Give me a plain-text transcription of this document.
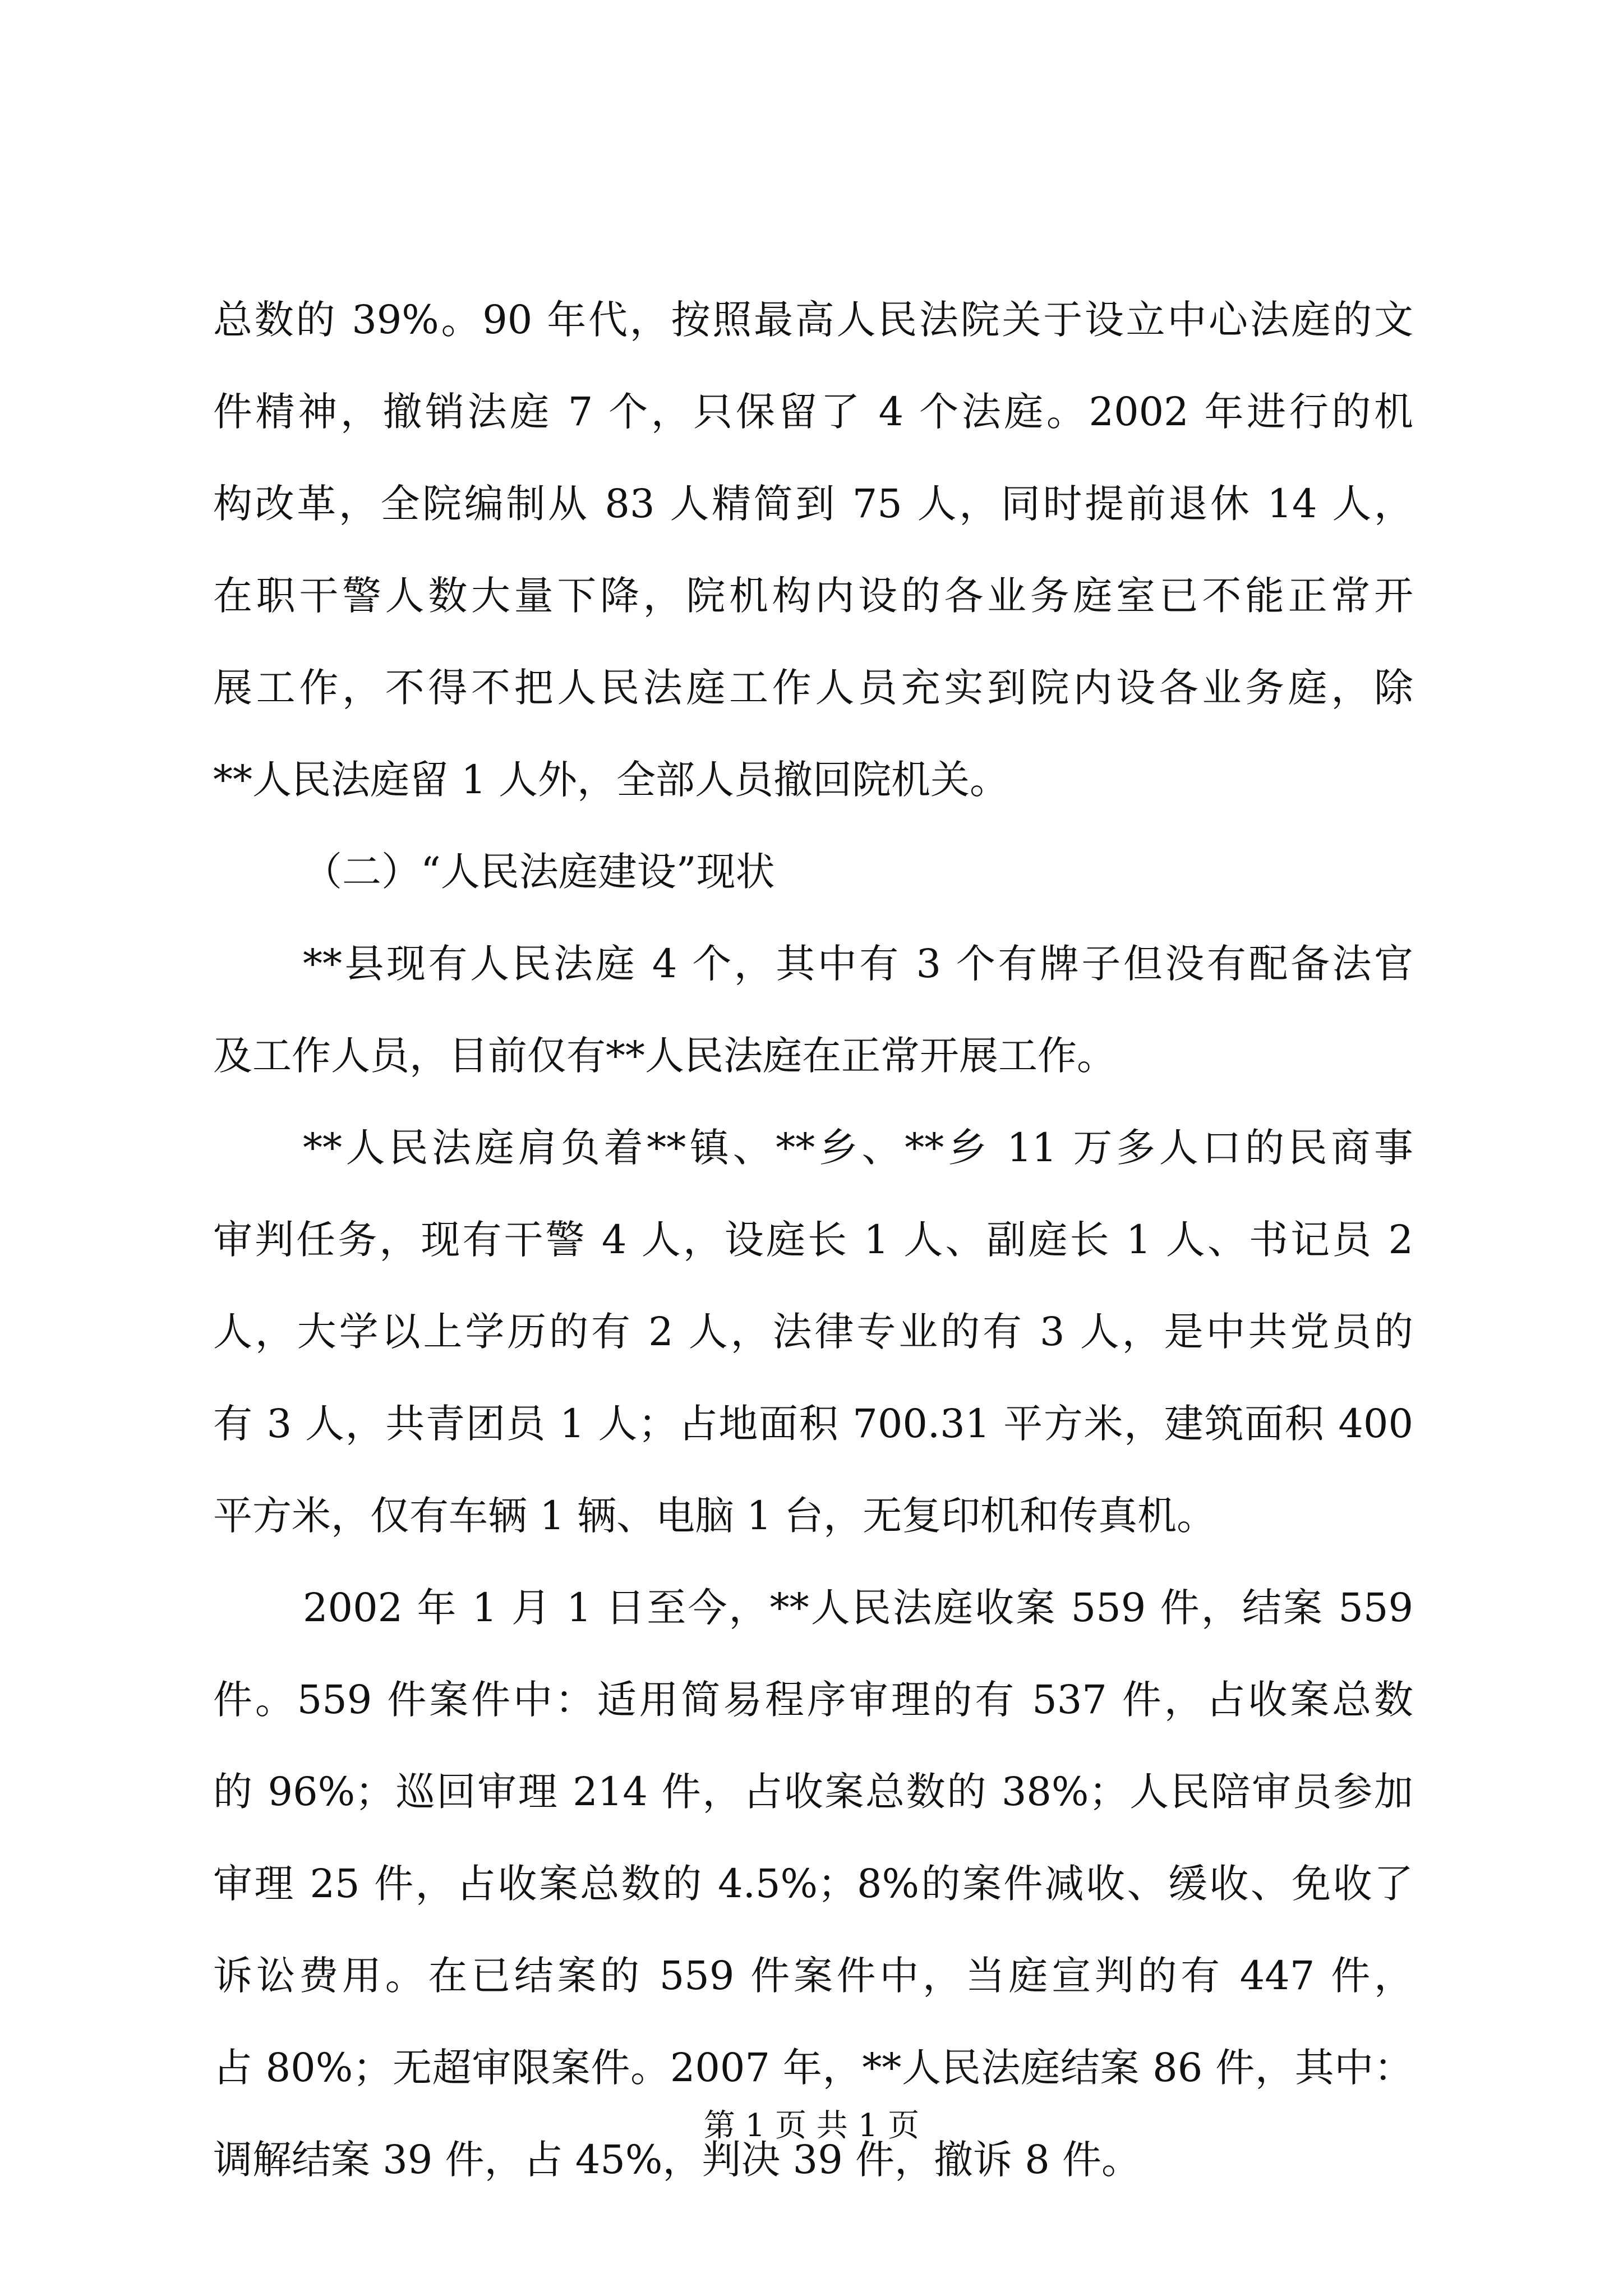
总数的 39%。90 年代，按照最高人民法院关于设立中心法庭的文
件精神，撤销法庭 7 个，只保留了 4 个法庭。2002 年进行的机
构改革，全院编制从 83 人精简到 75 人，同时提前退休 14 人，
在职干警人数大量下降，院机构内设的各业务庭室已不能正常开
展工作，不得不把人民法庭工作人员充实到院内设各业务庭，除
**人民法庭留 1 人外，全部人员撤回院机关。
（二）“人民法庭建设”现状
**县现有人民法庭 4 个，其中有 3 个有牌子但没有配备法官
及工作人员，目前仅有**人民法庭在正常开展工作。
**人民法庭肩负着**镇、**乡、**乡 11 万多人口的民商事
审判任务，现有干警 4 人，设庭长 1 人、副庭长 1 人、书记员 2
人，大学以上学历的有 2 人，法律专业的有 3 人，是中共党员的
有 3 人，共青团员 1 人；占地面积 700.31 平方米，建筑面积 400
平方米，仅有车辆 1 辆、电脑 1 台，无复印机和传真机。
2002 年 1 月 1 日至今，**人民法庭收案 559 件，结案 559
件。559 件案件中：适用简易程序审理的有 537 件，占收案总数
的 96%；巡回审理 214 件，占收案总数的 38%；人民陪审员参加
审理 25 件，占收案总数的 4.5%；8%的案件减收、缓收、免收了
诉讼费用。在已结案的 559 件案件中，当庭宣判的有 447 件，
占 80%；无超审限案件。2007 年，**人民法庭结案 86 件，其中：
调解结案 39 件，占 45%，判决 39 件，撤诉 8 件。
第 1 页 共 1 页
